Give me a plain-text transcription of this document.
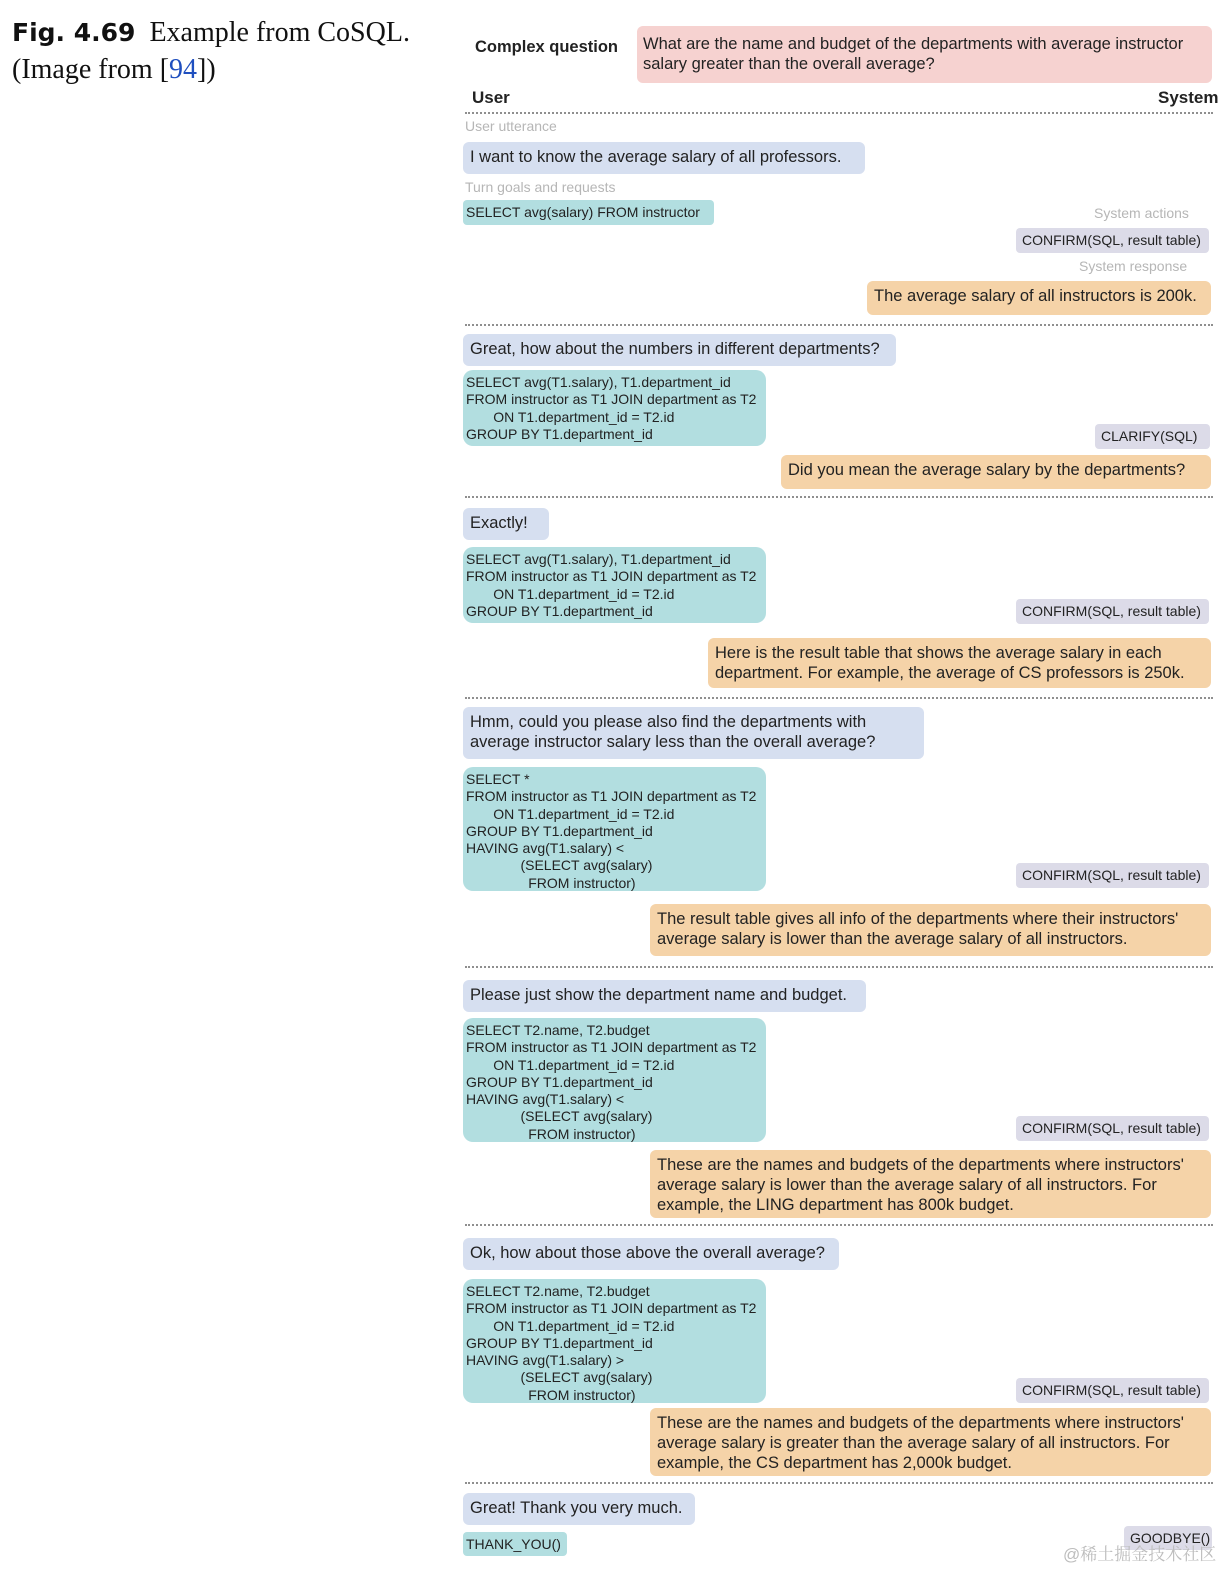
Fig. 4.69 Example from CoSQL. (Image from [94])
Complex question	What are the name and budget of the departments with average instructor
salary greater than the overall average?
User	System
User utterance
I want to know the average salary of all professors.
Turn goals and requests
SELECT avg(salary) FROM instructor	System actions
CONFIRM(SQL, result table)
System response
The average salary of all instructors is 200k.
Great, how about the numbers in different departments?
SELECT avg(T1.salary), T1.department_id
FROM instructor as T1 JOIN department as T2
ON T1.department_id = T2.id
GROUP BY T1.department_id	CLARIFY(SQL)
Did you mean the average salary by the departments?
Exactly!
SELECT avg(T1.salary), T1.department_id
FROM instructor as T1 JOIN department as T2
ON T1.department_id = T2.id
GROUP BY T1.department_id	CONFIRM(SQL, result table)
Here is the result table that shows the average salary in each
department. For example, the average of CS professors is 250k.
Hmm, could you please also find the departments with
average instructor salary less than the overall average?
SELECT *
FROM instructor as T1 JOIN department as T2
ON T1.department_id = T2.id
GROUP BY T1.department_id
HAVING avg(T1.salary) <
(SELECT avg(salary)
FROM instructor)	CONFIRM(SQL, result table)
The result table gives all info of the departments where their instructors'
average salary is lower than the average salary of all instructors.
Please just show the department name and budget.
SELECT T2.name, T2.budget
FROM instructor as T1 JOIN department as T2
ON T1.department_id = T2.id
GROUP BY T1.department_id
HAVING avg(T1.salary) <
(SELECT avg(salary)
FROM instructor)	CONFIRM(SQL, result table)
These are the names and budgets of the departments where instructors'
average salary is lower than the average salary of all instructors. For
example, the LING department has 800k budget.
Ok, how about those above the overall average?
SELECT T2.name, T2.budget
FROM instructor as T1 JOIN department as T2
ON T1.department_id = T2.id
GROUP BY T1.department_id
HAVING avg(T1.salary) >
(SELECT avg(salary)
FROM instructor)	CONFIRM(SQL, result table)
These are the names and budgets of the departments where instructors'
average salary is greater than the average salary of all instructors. For
example, the CS department has 2,000k budget.
Great! Thank you very much.
THANK_YOU()	GOODBYE()
@稀土掘金技术社区
